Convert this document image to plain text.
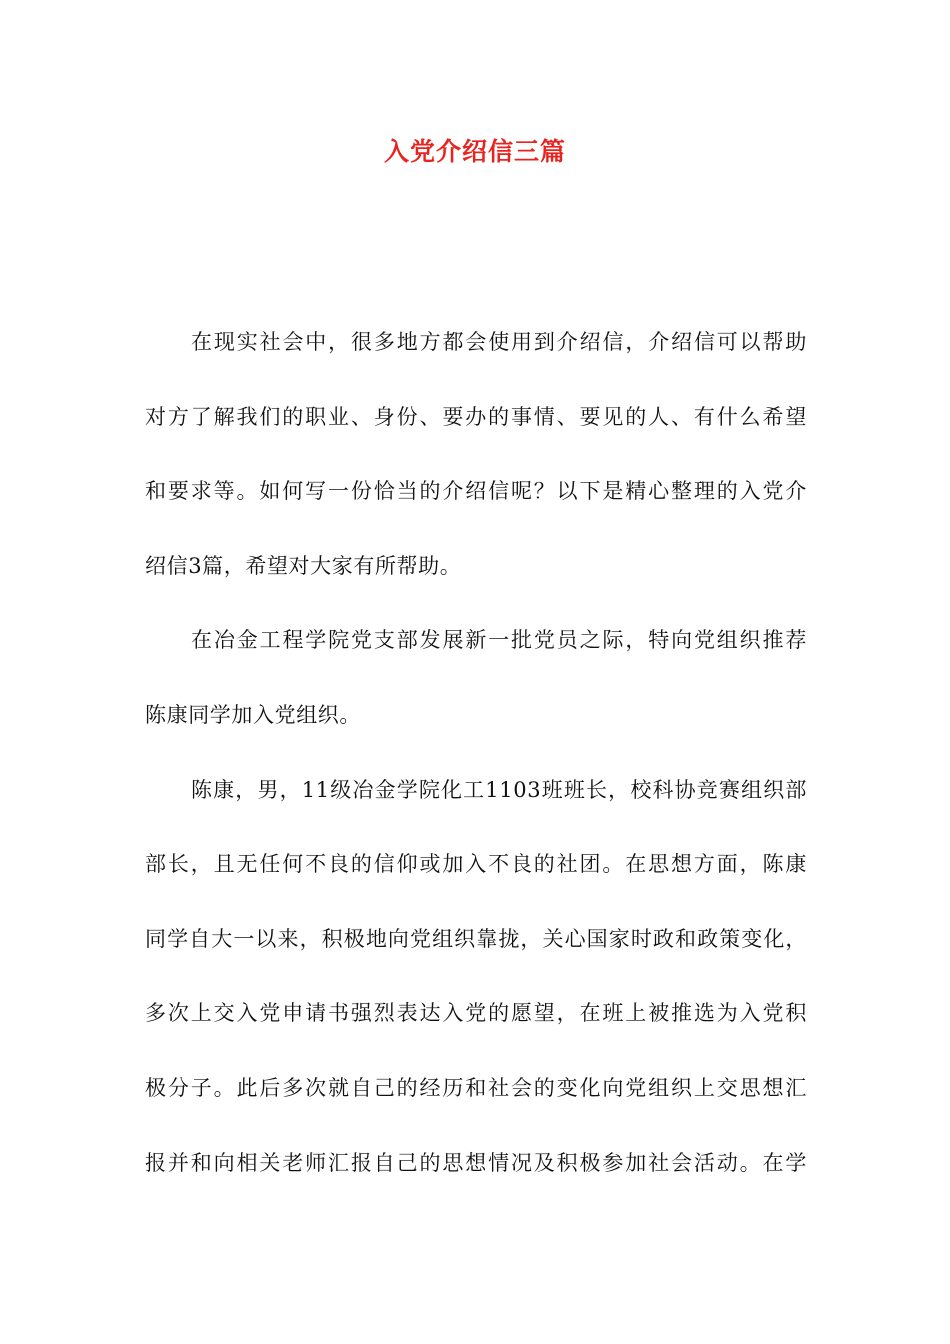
入党介绍信三篇
在现实社会中，很多地方都会使用到介绍信，介绍信可以帮助
对方了解我们的职业、身份、要办的事情、要见的人、有什么希望
和要求等。如何写一份恰当的介绍信呢？以下是精心整理的入党介
绍信3篇，希望对大家有所帮助。
在冶金工程学院党支部发展新一批党员之际，特向党组织推荐
陈康同学加入党组织。
陈康，男，11级冶金学院化工1103班班长，校科协竞赛组织部
部长，且无任何不良的信仰或加入不良的社团。在思想方面，陈康
同学自大一以来，积极地向党组织靠拢，关心国家时政和政策变化，
多次上交入党申请书强烈表达入党的愿望，在班上被推选为入党积
极分子。此后多次就自己的经历和社会的变化向党组织上交思想汇
报并和向相关老师汇报自己的思想情况及积极参加社会活动。在学
